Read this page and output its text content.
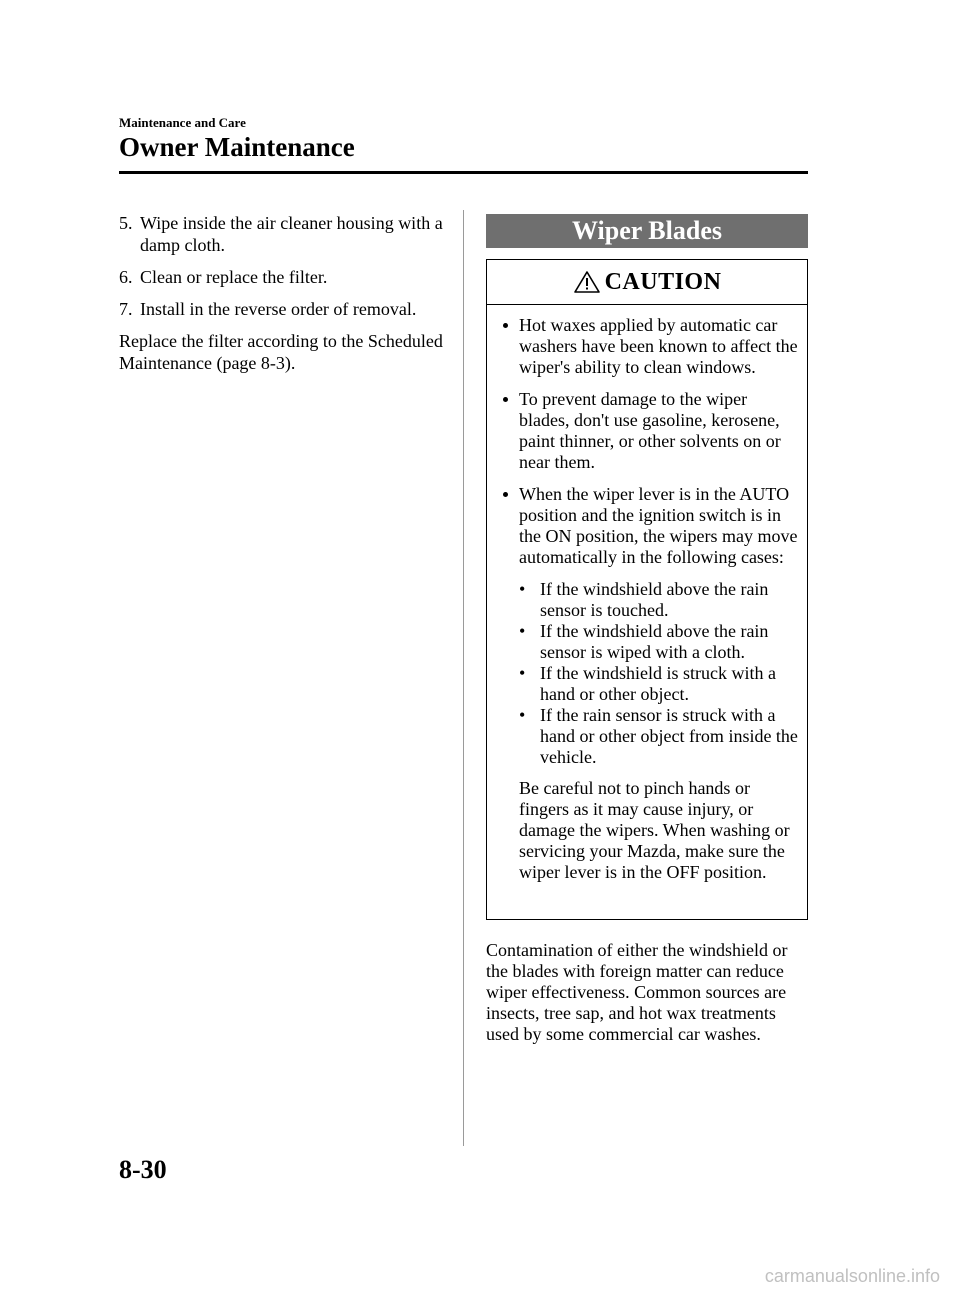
Maintenance and Care
Owner Maintenance

5. Wipe inside the air cleaner housing with a damp cloth.

6. Clean or replace the filter.

7. Install in the reverse order of removal.

Replace the filter according to the Scheduled Maintenance (page 8-3).

Wiper Blades
CAUTION
Hot waxes applied by automatic car washers have been known to affect the wiper's ability to clean windows.
To prevent damage to the wiper blades, don't use gasoline, kerosene, paint thinner, or other solvents on or near them.
When the wiper lever is in the AUTO position and the ignition switch is in the ON position, the wipers may move automatically in the following cases:
• If the windshield above the rain sensor is touched.
• If the windshield above the rain sensor is wiped with a cloth.
• If the windshield is struck with a hand or other object.
• If the rain sensor is struck with a hand or other object from inside the vehicle.
Be careful not to pinch hands or fingers as it may cause injury, or damage the wipers. When washing or servicing your Mazda, make sure the wiper lever is in the OFF position.

Contamination of either the windshield or the blades with foreign matter can reduce wiper effectiveness. Common sources are insects, tree sap, and hot wax treatments used by some commercial car washes.

8-30
carmanualsonline.info
